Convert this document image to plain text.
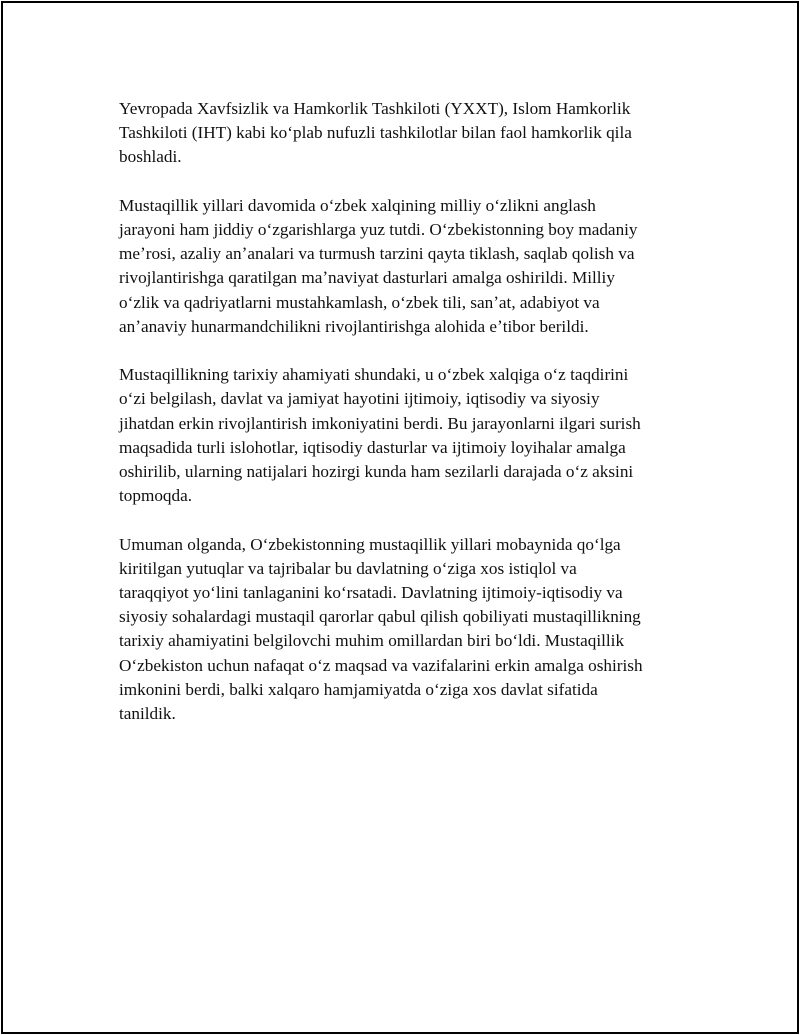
Yevropada Xavfsizlik va Hamkorlik Tashkiloti (YXXT), Islom Hamkorlik
Tashkiloti (IHT) kabi koʻplab nufuzli tashkilotlar bilan faol hamkorlik qila
boshladi.

Mustaqillik yillari davomida oʻzbek xalqining milliy oʻzlikni anglash
jarayoni ham jiddiy oʻzgarishlarga yuz tutdi. Oʻzbekistonning boy madaniy
meʼrosi, azaliy anʼanalari va turmush tarzini qayta tiklash, saqlab qolish va
rivojlantirishga qaratilgan maʼnaviyat dasturlari amalga oshirildi. Milliy
oʻzlik va qadriyatlarni mustahkamlash, oʻzbek tili, sanʼat, adabiyot va
anʼanaviy hunarmandchilikni rivojlantirishga alohida eʼtibor berildi.

Mustaqillikning tarixiy ahamiyati shundaki, u oʻzbek xalqiga oʻz taqdirini
oʻzi belgilash, davlat va jamiyat hayotini ijtimoiy, iqtisodiy va siyosiy
jihatdan erkin rivojlantirish imkoniyatini berdi. Bu jarayonlarni ilgari surish
maqsadida turli islohotlar, iqtisodiy dasturlar va ijtimoiy loyihalar amalga
oshirilib, ularning natijalari hozirgi kunda ham sezilarli darajada oʻz aksini
topmoqda.

Umuman olganda, Oʻzbekistonning mustaqillik yillari mobaynida qoʻlga
kiritilgan yutuqlar va tajribalar bu davlatning oʻziga xos istiqlol va
taraqqiyot yoʻlini tanlaganini koʻrsatadi. Davlatning ijtimoiy-iqtisodiy va
siyosiy sohalardagi mustaqil qarorlar qabul qilish qobiliyati mustaqillikning
tarixiy ahamiyatini belgilovchi muhim omillardan biri boʻldi. Mustaqillik
Oʻzbekiston uchun nafaqat oʻz maqsad va vazifalarini erkin amalga oshirish
imkonini berdi, balki xalqaro hamjamiyatda oʻziga xos davlat sifatida
tanildik.
